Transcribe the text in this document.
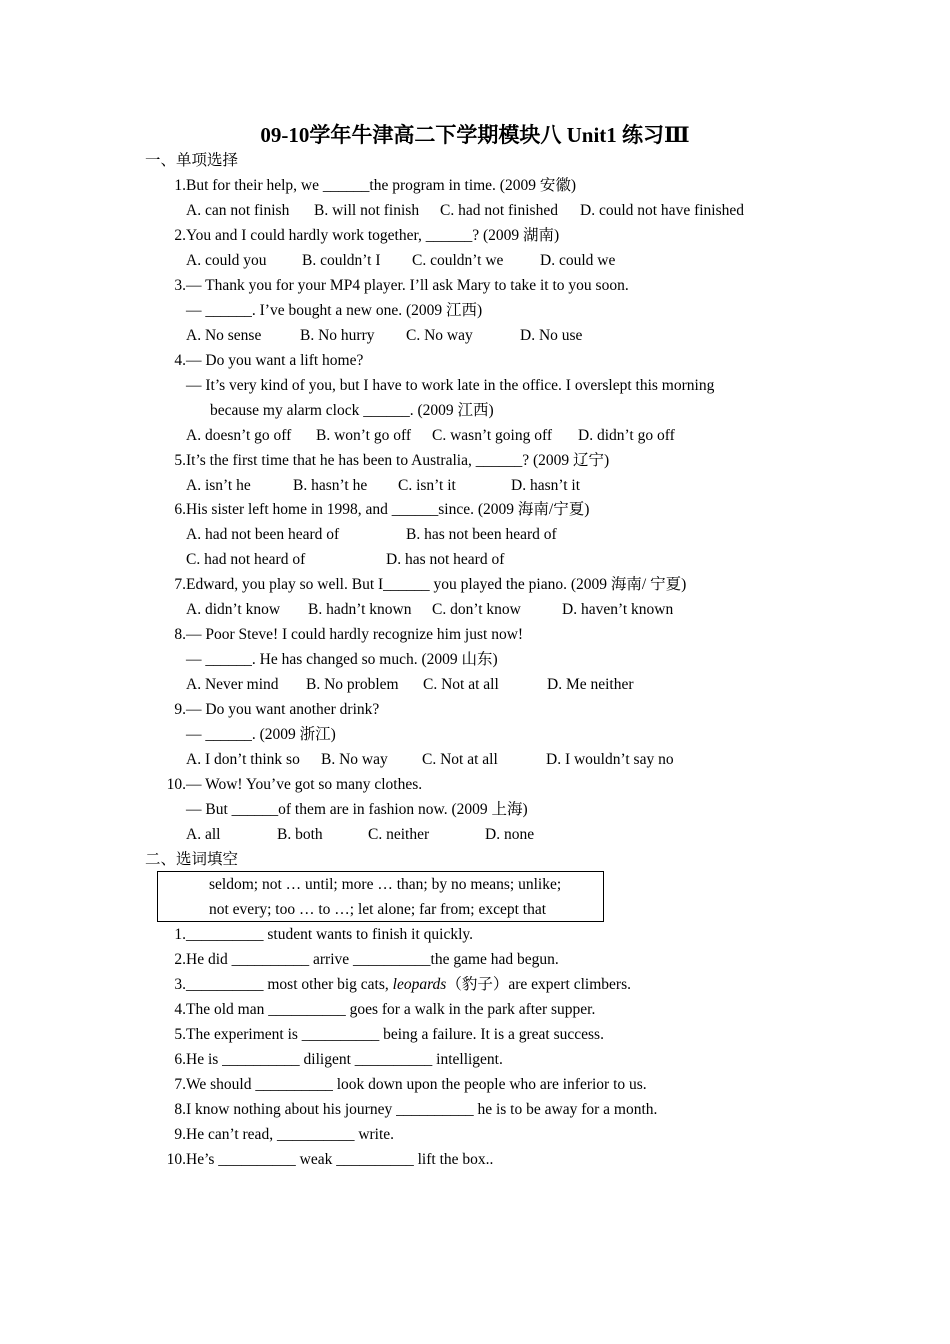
09-10学年牛津高二下学期模块八 Unit1 练习Ⅲ
一、单项选择
1.But for their help, we ______the program in time. (2009 安徽)
A. can not finish B. will not finish C. had not finished D. could not have finished
2.You and I could hardly work together, ______? (2009 湖南)
A. could you B. couldn’t I C. couldn’t we D. could we
3.— Thank you for your MP4 player. I’ll ask Mary to take it to you soon.
— ______. I’ve bought a new one. (2009 江西)
A. No sense B. No hurry C. No way	D. No use
4.— Do you want a lift home?
— It’s very kind of you, but I have to work late in the office. I overslept this morning
because my alarm clock ______. (2009 江西)
A. doesn’t go off B. won’t go off C. wasn’t going off D. didn’t go off
5.It’s the first time that he has been to Australia, ______? (2009 辽宁)
A. isn’t he	B. hasn’t he C. isn’t it	D. hasn’t it
6.His sister left home in 1998, and ______since. (2009 海南/宁夏)
A. had not been heard of	B. has not been heard of
C. had not heard of	D. has not heard of
7.Edward, you play so well. But I______ you played the piano. (2009 海南/ 宁夏)
A. didn’t know B. hadn’t known C. don’t know	D. haven’t known
8.— Poor Steve! I could hardly recognize him just now!
— ______. He has changed so much. (2009 山东)
A. Never mind B. No problem C. Not at all	D. Me neither
9.— Do you want another drink?
— ______. (2009 浙江)
A. I don’t think so B. No way C. Not at all	D. I wouldn’t say no
10.— Wow! You’ve got so many clothes.
— But ______of them are in fashion now. (2009 上海)
A. all	B. both	C. neither	D. none
二、选词填空
seldom; not … until; more … than; by no means; unlike;
not every; too … to …; let alone; far from; except that
1.__________ student wants to finish it quickly.
2.He did __________ arrive __________the game had begun.
3.__________ most other big cats, leopards（豹子）are expert climbers.
4.The old man __________ goes for a walk in the park after supper.
5.The experiment is __________ being a failure. It is a great success.
6.He is __________ diligent __________ intelligent.
7.We should __________ look down upon the people who are inferior to us.
8.I know nothing about his journey __________ he is to be away for a month.
9.He can’t read, __________ write.
10.He’s __________ weak __________ lift the box..
